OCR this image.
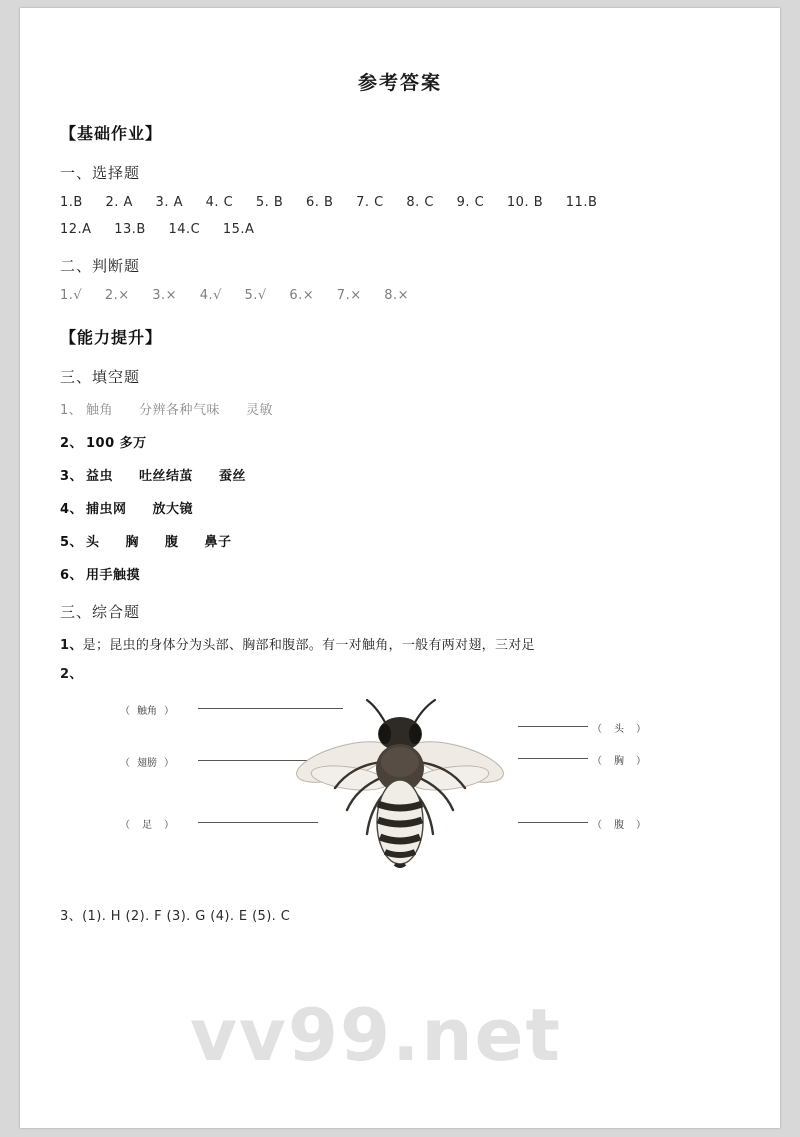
参考答案
【基础作业】
一、选择题
1.B 2. A 3. A 4. C 5. B 6. B 7. C 8. C 9. C 10. B 11.B
12.A 13.B 14.C 15.A
二、判断题
1.√ 2.× 3.× 4.√ 5.√ 6.× 7.× 8.×
【能力提升】
三、填空题
1、 触角 分辨各种气味 灵敏
2、 100 多万
3、 益虫 吐丝结茧 蚕丝
4、 捕虫网 放大镜
5、 头 胸 腹 鼻子
6、 用手触摸
三、综合题
1、是；昆虫的身体分为头部、胸部和腹部。有一对触角，一般有两对翅，三对足
2、
（ 触角 ）
（ 翅膀 ）
（ 足 ）
（ 头 ）
（ 胸 ）
（ 腹 ）
3、(1). H (2). F (3). G (4). E (5). C
vv99.net
